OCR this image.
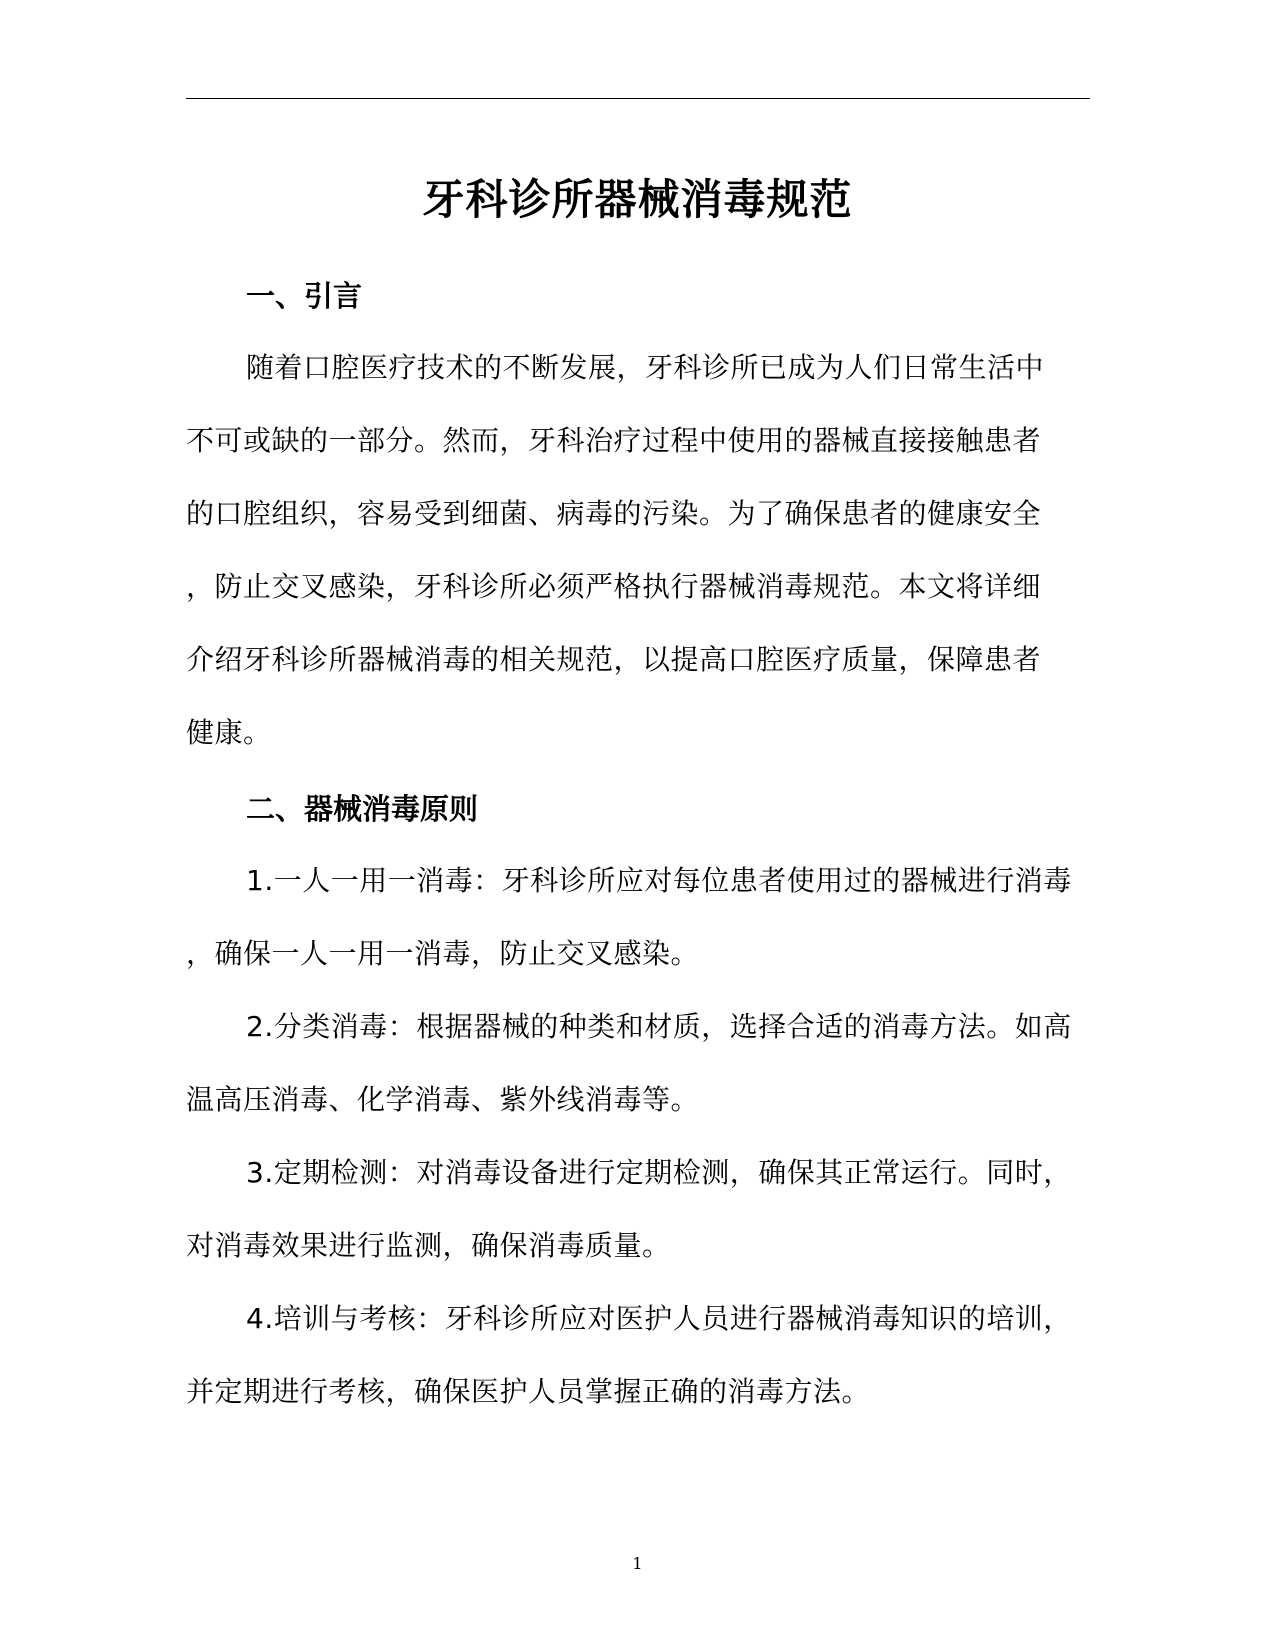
牙科诊所器械消毒规范
一、引言
随着口腔医疗技术的不断发展，牙科诊所已成为人们日常生活中
不可或缺的一部分。然而，牙科治疗过程中使用的器械直接接触患者
的口腔组织，容易受到细菌、病毒的污染。为了确保患者的健康安全
，防止交叉感染，牙科诊所必须严格执行器械消毒规范。本文将详细
介绍牙科诊所器械消毒的相关规范，以提高口腔医疗质量，保障患者
健康。
二、器械消毒原则
1.一人一用一消毒：牙科诊所应对每位患者使用过的器械进行消毒
，确保一人一用一消毒，防止交叉感染。
2.分类消毒：根据器械的种类和材质，选择合适的消毒方法。如高
温高压消毒、化学消毒、紫外线消毒等。
3.定期检测：对消毒设备进行定期检测，确保其正常运行。同时，
对消毒效果进行监测，确保消毒质量。
4.培训与考核：牙科诊所应对医护人员进行器械消毒知识的培训，
并定期进行考核，确保医护人员掌握正确的消毒方法。
1
